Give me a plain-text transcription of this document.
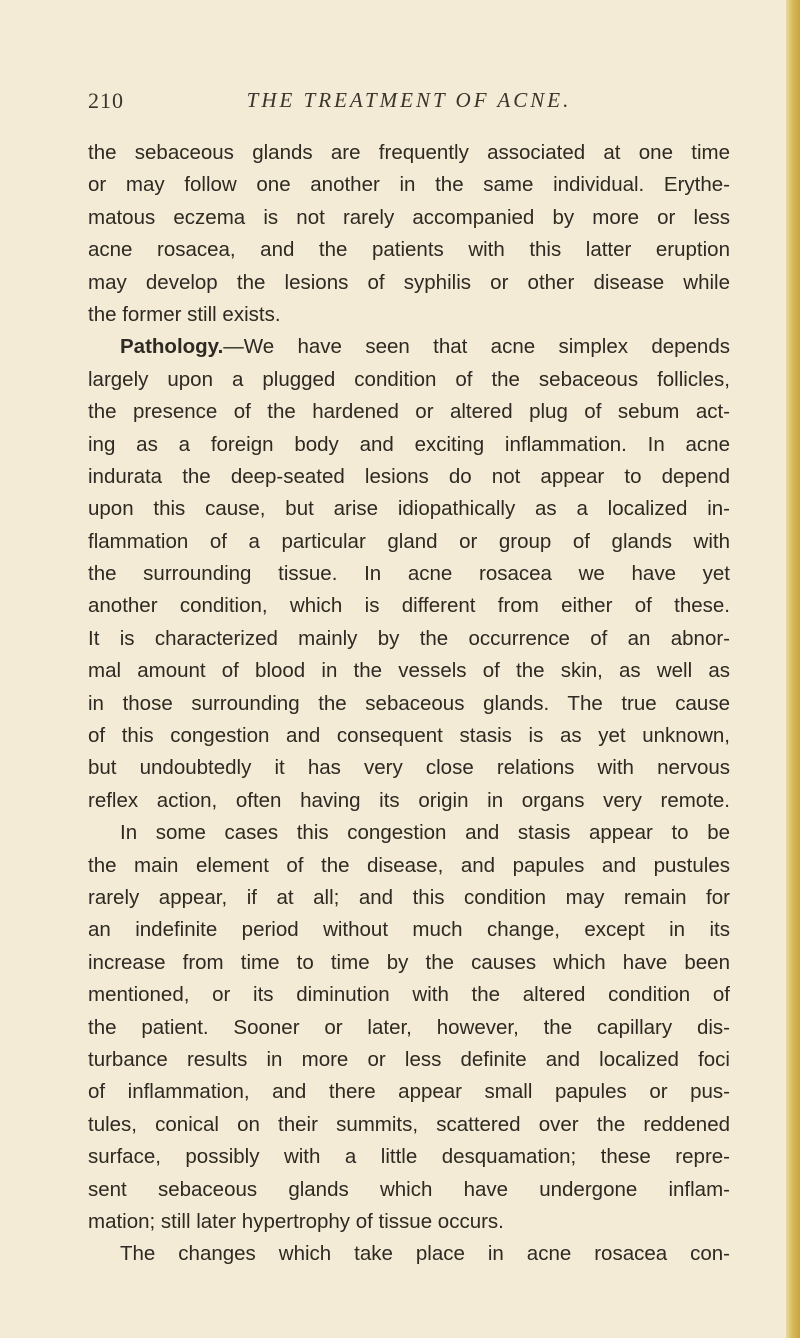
210	THE TREATMENT OF ACNE.
the sebaceous glands are frequently associated at one time
or may follow one another in the same individual. Erythe-
matous eczema is not rarely accompanied by more or less
acne rosacea, and the patients with this latter eruption
may develop the lesions of syphilis or other disease while
the former still exists.
Pathology.—We have seen that acne simplex depends
largely upon a plugged condition of the sebaceous follicles,
the presence of the hardened or altered plug of sebum act-
ing as a foreign body and exciting inflammation. In acne
indurata the deep-seated lesions do not appear to depend
upon this cause, but arise idiopathically as a localized in-
flammation of a particular gland or group of glands with
the surrounding tissue. In acne rosacea we have yet
another condition, which is different from either of these.
It is characterized mainly by the occurrence of an abnor-
mal amount of blood in the vessels of the skin, as well as
in those surrounding the sebaceous glands. The true cause
of this congestion and consequent stasis is as yet unknown,
but undoubtedly it has very close relations with nervous
reflex action, often having its origin in organs very remote.
In some cases this congestion and stasis appear to be
the main element of the disease, and papules and pustules
rarely appear, if at all; and this condition may remain for
an indefinite period without much change, except in its
increase from time to time by the causes which have been
mentioned, or its diminution with the altered condition of
the patient. Sooner or later, however, the capillary dis-
turbance results in more or less definite and localized foci
of inflammation, and there appear small papules or pus-
tules, conical on their summits, scattered over the reddened
surface, possibly with a little desquamation; these repre-
sent sebaceous glands which have undergone inflam-
mation; still later hypertrophy of tissue occurs.
The changes which take place in acne rosacea con-
